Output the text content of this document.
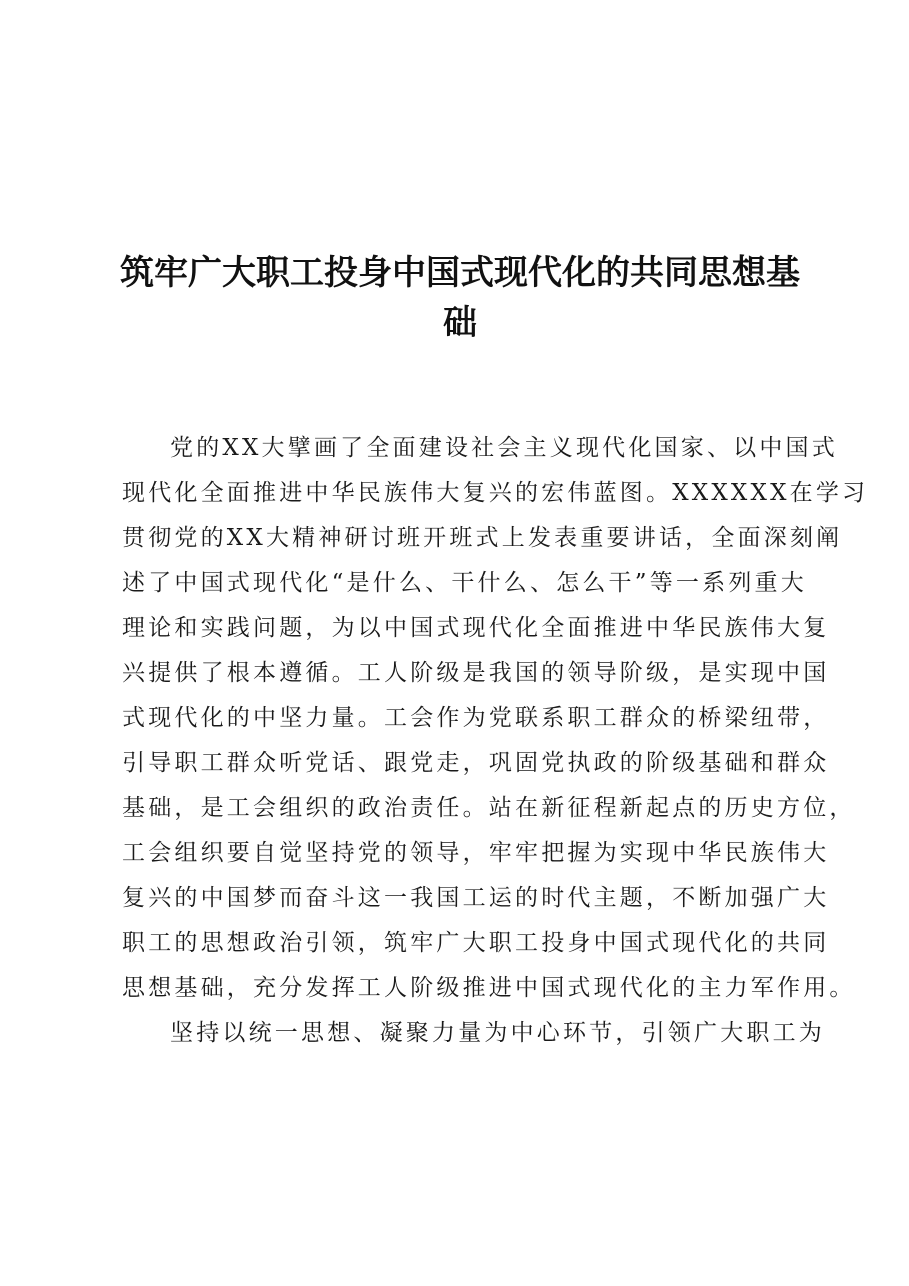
筑牢广大职工投身中国式现代化的共同思想基
础
党的XX大擘画了全面建设社会主义现代化国家、以中国式
现代化全面推进中华民族伟大复兴的宏伟蓝图。XXXXXX在学习
贯彻党的XX大精神研讨班开班式上发表重要讲话，全面深刻阐
述了中国式现代化“是什么、干什么、怎么干”等一系列重大
理论和实践问题，为以中国式现代化全面推进中华民族伟大复
兴提供了根本遵循。工人阶级是我国的领导阶级，是实现中国
式现代化的中坚力量。工会作为党联系职工群众的桥梁纽带，
引导职工群众听党话、跟党走，巩固党执政的阶级基础和群众
基础，是工会组织的政治责任。站在新征程新起点的历史方位，
工会组织要自觉坚持党的领导，牢牢把握为实现中华民族伟大
复兴的中国梦而奋斗这一我国工运的时代主题，不断加强广大
职工的思想政治引领，筑牢广大职工投身中国式现代化的共同
思想基础，充分发挥工人阶级推进中国式现代化的主力军作用。
坚持以统一思想、凝聚力量为中心环节，引领广大职工为
